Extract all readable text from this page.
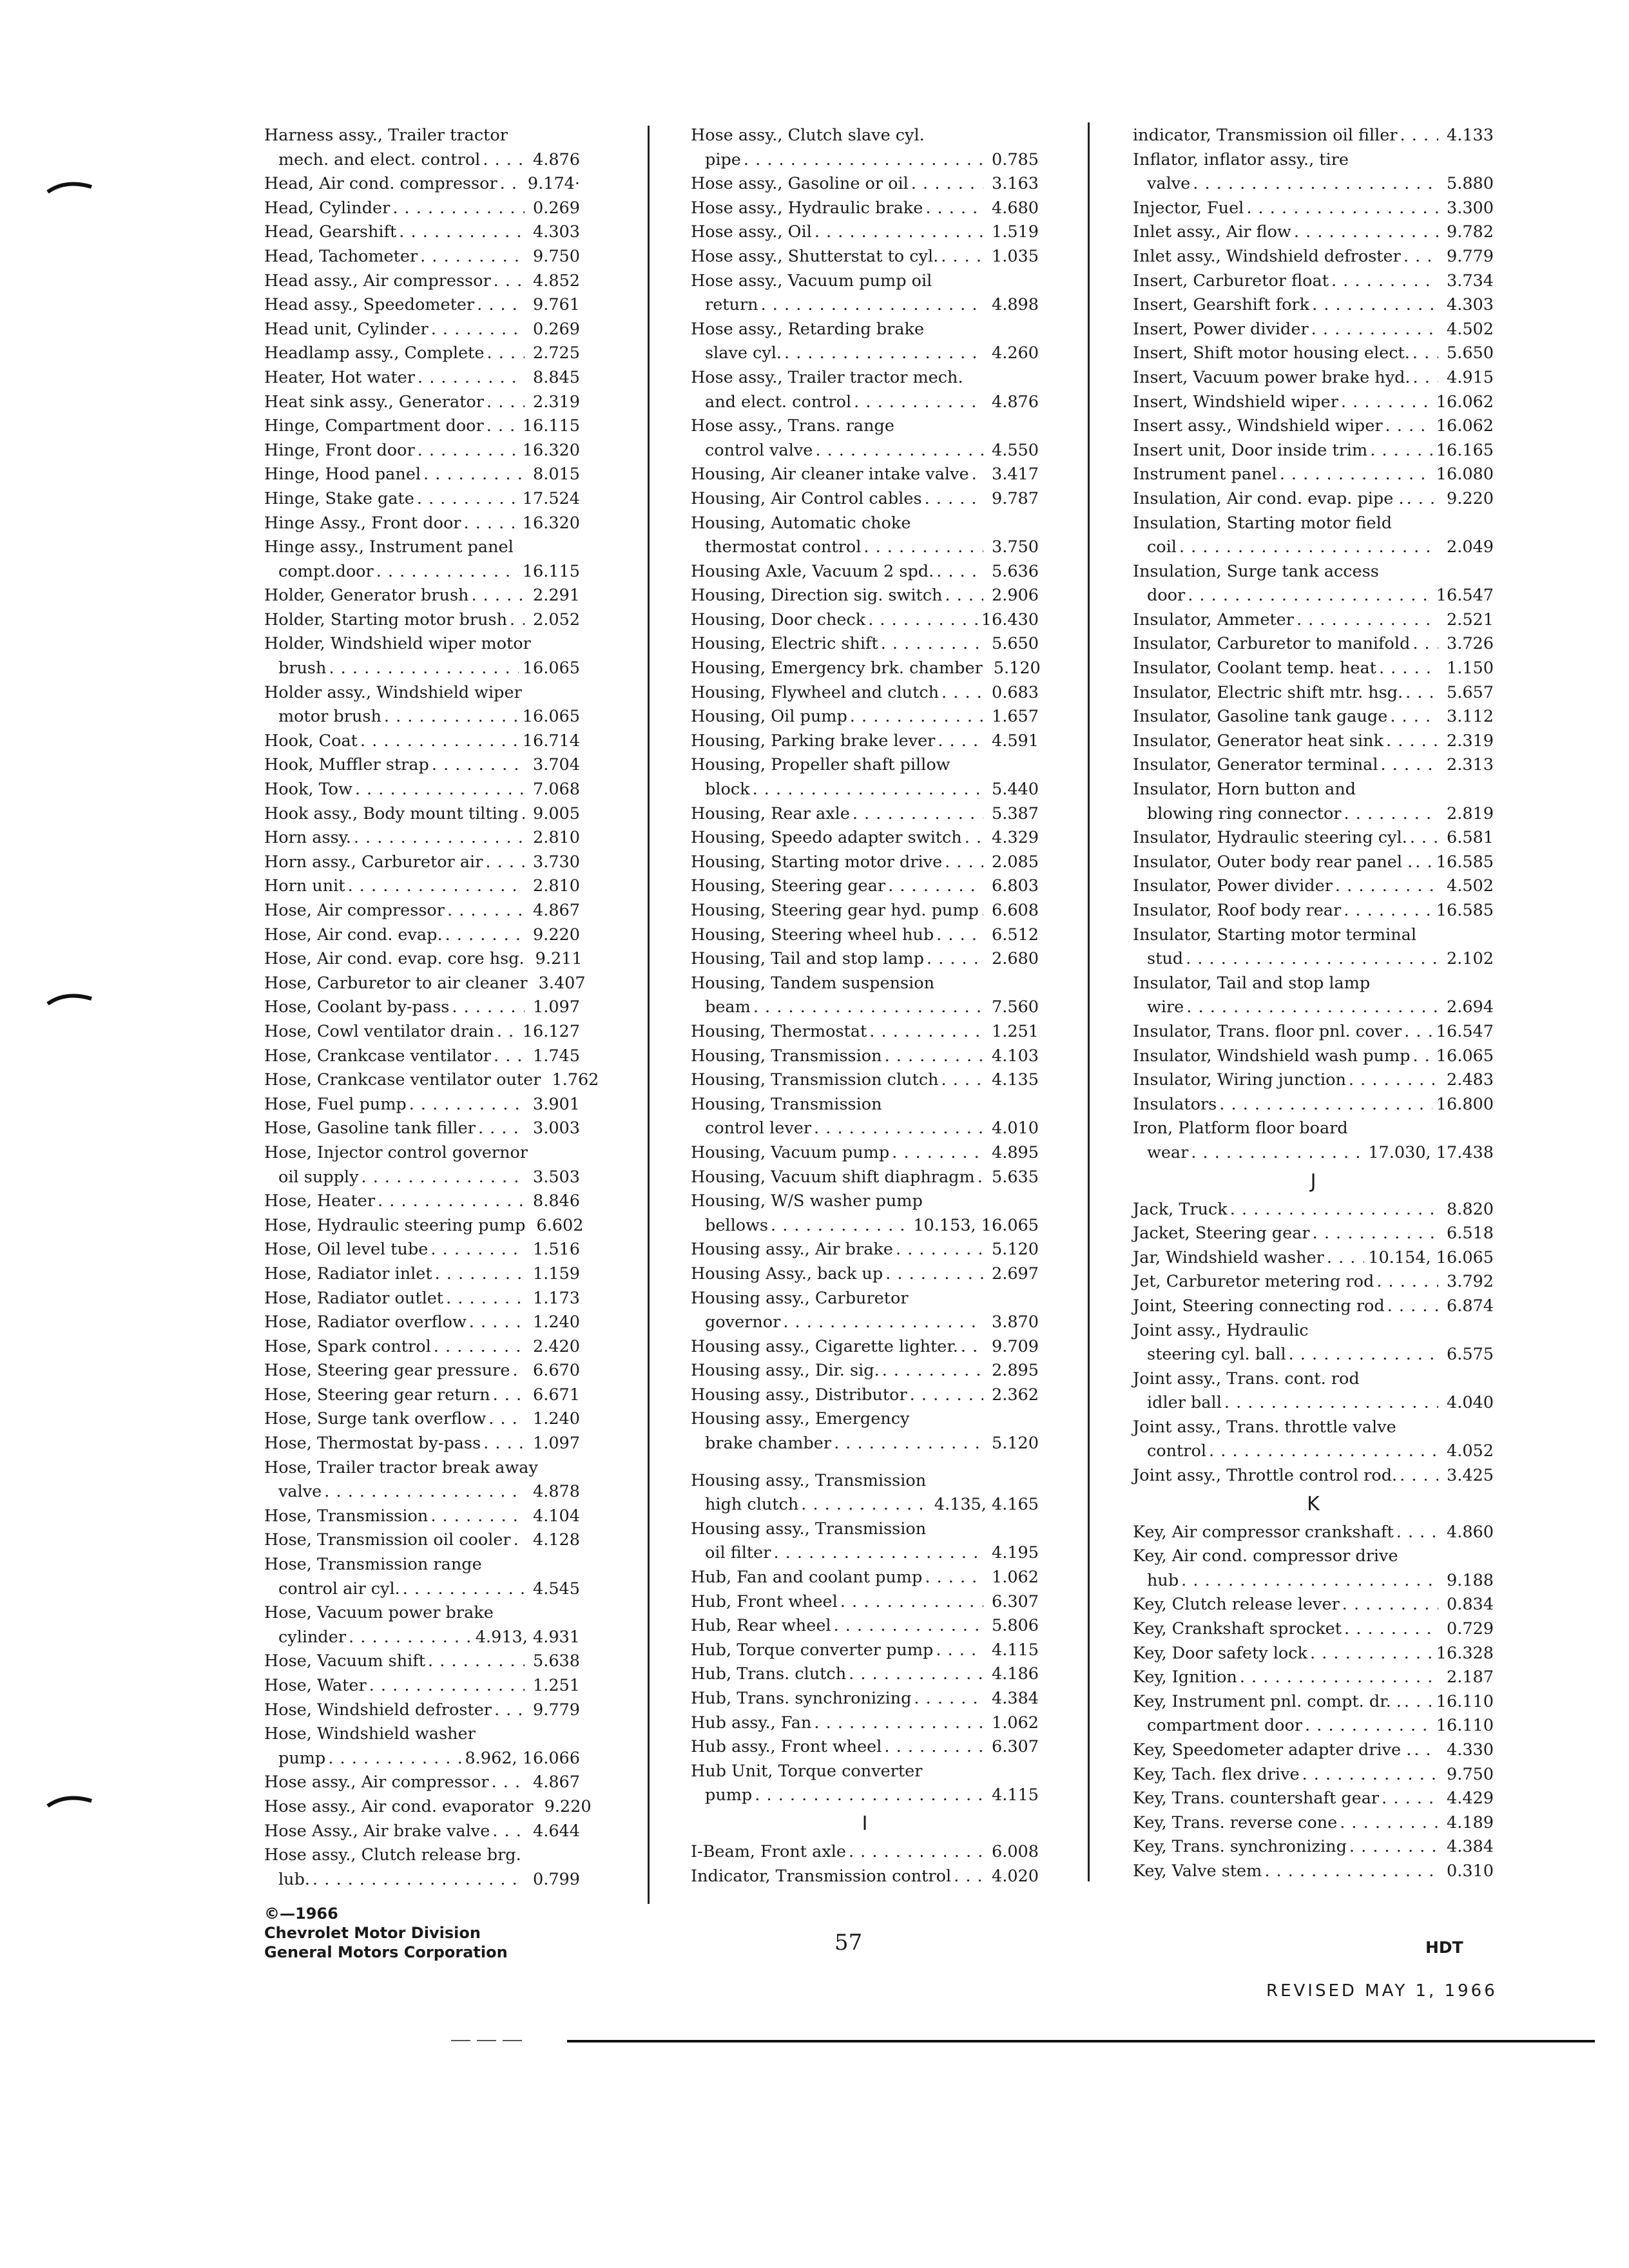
Harness assy., Trailer tractor
mech. and elect. control . . .	4.876
Head, Air cond. compressor . . . 9.174·
Head, Cylinder . . .	0.269
Head, Gearshift . . .	4.303
Head, Tachometer . . .	9.750
Head assy., Air compressor . . .	4.852
Head assy., Speedometer . . .	9.761
Head unit, Cylinder . . .	0.269
Headlamp assy., Complete . . .	2.725
Heater, Hot water . . .	8.845
Heat sink assy., Generator . . .	2.319
Hinge, Compartment door . . . 16.115
Hinge, Front door . . .	16.320
Hinge, Hood panel . . .	8.015
Hinge, Stake gate . . .	17.524
Hinge Assy., Front door . . .	16.320
Hinge assy., Instrument panel
compt.door . . .	16.115
Holder, Generator brush . . .	2.291
Holder, Starting motor brush . . . 2.052
Holder, Windshield wiper motor
brush . . .	16.065
Holder assy., Windshield wiper
motor brush . . .	16.065
Hook, Coat . . .	16.714
Hook, Muffler strap . . .	3.704
Hook, Tow . . .	7.068
Hook assy., Body mount tilting . . . 9.005
Horn assy. . . .	2.810
Horn assy., Carburetor air . . .	3.730
Horn unit . . .	2.810
Hose, Air compressor . . .	4.867
Hose, Air cond. evap. . . .	9.220
Hose, Air cond. evap. core hsg. 9.211
Hose, Carburetor to air cleaner 3.407
Hose, Coolant by-pass . . .	1.097
Hose, Cowl ventilator drain . . . 16.127
Hose, Crankcase ventilator . . .	1.745
Hose, Crankcase ventilator outer 1.762
Hose, Fuel pump . . .	3.901
Hose, Gasoline tank filler . . .	3.003
Hose, Injector control governor
oil supply . . .	3.503
Hose, Heater . . .	8.846
Hose, Hydraulic steering pump 6.602
Hose, Oil level tube . . .	1.516
Hose, Radiator inlet . . .	1.159
Hose, Radiator outlet . . .	1.173
Hose, Radiator overflow . . .	1.240
Hose, Spark control . . .	2.420
Hose, Steering gear pressure . . . 6.670
Hose, Steering gear return . . .	6.671
Hose, Surge tank overflow . . .	1.240
Hose, Thermostat by-pass . . .	1.097
Hose, Trailer tractor break away
valve . . .	4.878
Hose, Transmission . . .	4.104
Hose, Transmission oil cooler . . . 4.128
Hose, Transmission range
control air cyl. . . .	4.545
Hose, Vacuum power brake
cylinder . . .	4.913, 4.931
Hose, Vacuum shift . . .	5.638
Hose, Water . . .	1.251
Hose, Windshield defroster . . .	9.779
Hose, Windshield washer
pump . . .	8.962, 16.066
Hose assy., Air compressor . . .	4.867
Hose assy., Air cond. evaporator 9.220
Hose Assy., Air brake valve . . .	4.644
Hose assy., Clutch release brg.
lub. . . .	0.799
Hose assy., Clutch slave cyl.
pipe . . .	0.785
Hose assy., Gasoline or oil . . .	3.163
Hose assy., Hydraulic brake . . .	4.680
Hose assy., Oil . . .	1.519
Hose assy., Shutterstat to cyl. . . .	1.035
Hose assy., Vacuum pump oil
return . . .	4.898
Hose assy., Retarding brake
slave cyl. . . .	4.260
Hose assy., Trailer tractor mech.
and elect. control . . .	4.876
Hose assy., Trans. range
control valve . . .	4.550
Housing, Air cleaner intake valve . . . 3.417
Housing, Air Control cables . . .	9.787
Housing, Automatic choke
thermostat control . . .	3.750
Housing Axle, Vacuum 2 spd. . . .	5.636
Housing, Direction sig. switch . . .	2.906
Housing, Door check . . .	16.430
Housing, Electric shift . . .	5.650
Housing, Emergency brk. chamber 5.120
Housing, Flywheel and clutch . . .	0.683
Housing, Oil pump . . .	1.657
Housing, Parking brake lever . . .	4.591
Housing, Propeller shaft pillow
block . . .	5.440
Housing, Rear axle . . .	5.387
Housing, Speedo adapter switch . . . 4.329
Housing, Starting motor drive . . .	2.085
Housing, Steering gear . . .	6.803
Housing, Steering gear hyd. pump . . . 6.608
Housing, Steering wheel hub . . .	6.512
Housing, Tail and stop lamp . . .	2.680
Housing, Tandem suspension
beam . . .	7.560
Housing, Thermostat . . .	1.251
Housing, Transmission . . .	4.103
Housing, Transmission clutch . . .	4.135
Housing, Transmission
control lever . . .	4.010
Housing, Vacuum pump . . .	4.895
Housing, Vacuum shift diaphragm . . . 5.635
Housing, W/S washer pump
bellows . . .	10.153, 16.065
Housing assy., Air brake . . .	5.120
Housing Assy., back up . . .	2.697
Housing assy., Carburetor
governor . . .	3.870
Housing assy., Cigarette lighter. . . . 9.709
Housing assy., Dir. sig. . . .	2.895
Housing assy., Distributor . . .	2.362
Housing assy., Emergency
brake chamber . . .	5.120
Housing assy., Transmission
high clutch . . .	4.135, 4.165
Housing assy., Transmission
oil filter . . .	4.195
Hub, Fan and coolant pump . . .	1.062
Hub, Front wheel . . .	6.307
Hub, Rear wheel . . .	5.806
Hub, Torque converter pump . . .	4.115
Hub, Trans. clutch . . .	4.186
Hub, Trans. synchronizing . . .	4.384
Hub assy., Fan . . .	1.062
Hub assy., Front wheel . . .	6.307
Hub Unit, Torque converter
pump . . .	4.115
I
I-Beam, Front axle . . .	6.008
Indicator, Transmission control . . . 4.020
indicator, Transmission oil filler . . .	4.133
Inflator, inflator assy., tire
valve . . .	5.880
Injector, Fuel . . .	3.300
Inlet assy., Air flow . . .	9.782
Inlet assy., Windshield defroster . . .	9.779
Insert, Carburetor float . . .	3.734
Insert, Gearshift fork . . .	4.303
Insert, Power divider . . .	4.502
Insert, Shift motor housing elect. . . . 5.650
Insert, Vacuum power brake hyd. . . . 4.915
Insert, Windshield wiper . . .	16.062
Insert assy., Windshield wiper . . .	16.062
Insert unit, Door inside trim . . .	16.165
Instrument panel . . .	16.080
Insulation, Air cond. evap. pipe . . . .	9.220
Insulation, Starting motor field
coil . . .	2.049
Insulation, Surge tank access
door . . .	16.547
Insulator, Ammeter . . .	2.521
Insulator, Carburetor to manifold . . . 3.726
Insulator, Coolant temp. heat . . .	1.150
Insulator, Electric shift mtr. hsg. . . .	5.657
Insulator, Gasoline tank gauge . . .	3.112
Insulator, Generator heat sink . . .	2.319
Insulator, Generator terminal . . .	2.313
Insulator, Horn button and
blowing ring connector . . .	2.819
Insulator, Hydraulic steering cyl. . . . 6.581
Insulator, Outer body rear panel . . . . 16.585
Insulator, Power divider . . .	4.502
Insulator, Roof body rear . . .	16.585
Insulator, Starting motor terminal
stud . . .	2.102
Insulator, Tail and stop lamp
wire . . .	2.694
Insulator, Trans. floor pnl. cover . . . 16.547
Insulator, Windshield wash pump . . . 16.065
Insulator, Wiring junction . . .	2.483
Insulators . . .	16.800
Iron, Platform floor board
wear . . .	17.030, 17.438
J
Jack, Truck . . .	8.820
Jacket, Steering gear . . .	6.518
Jar, Windshield washer . . .	10.154, 16.065
Jet, Carburetor metering rod . . .	3.792
Joint, Steering connecting rod . . .	6.874
Joint assy., Hydraulic
steering cyl. ball . . .	6.575
Joint assy., Trans. cont. rod
idler ball . . .	4.040
Joint assy., Trans. throttle valve
control . . .	4.052
Joint assy., Throttle control rod. . . .	3.425
K
Key, Air compressor crankshaft . . .	4.860
Key, Air cond. compressor drive
hub . . .	9.188
Key, Clutch release lever . . .	0.834
Key, Crankshaft sprocket . . .	0.729
Key, Door safety lock . . .	16.328
Key, Ignition . . .	2.187
Key, Instrument pnl. compt. dr. . . . . 16.110
compartment door . . .	16.110
Key, Speedometer adapter drive . . . . 4.330
Key, Tach. flex drive . . .	9.750
Key, Trans. countershaft gear . . .	4.429
Key, Trans. reverse cone . . .	4.189
Key, Trans. synchronizing . . .	4.384
Key, Valve stem . . .	0.310
©—1966
Chevrolet Motor Division
General Motors Corporation	57	HDT
REVISED MAY 1, 1966
